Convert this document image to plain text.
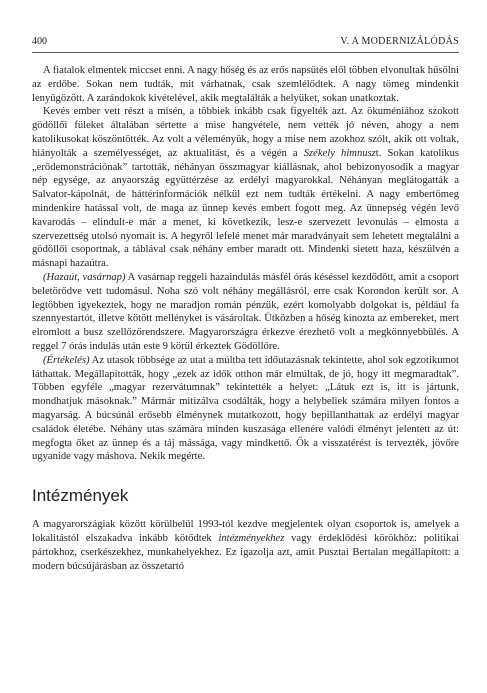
400	V. A MODERNIZÁLÓDÁS

A fiatalok elmentek miccset enni. A nagy hőség és az erős napsütés elől többen elvonultak hűsölni az erdőbe. Sokan nem tudták, mit várhatnak, csak szemlélődtek. A nagy tömeg mindenkit lenyűgözött. A zarándokok kivételével, akik megtalálták a helyüket, sokan unatkoztak.

Kevés ember vett részt a misén, a többiek inkább csak figyelték azt. Az ökuméniához szokott gödöllői füleket általában sértette a mise hangvétele, nem vették jó néven, ahogy a nem katolikusokat köszöntötték. Az volt a véleményük, hogy a mise nem azokhoz szólt, akik ott voltak, hiányolták a személyességet, az aktualitást, és a végén a Székely himnuszt. Sokan katolikus „erődemonstrációnak” tartották, néhányan összmagyar kiállásnak, ahol bebizonyosodik a magyar nép egysége, az anyaország együttérzése az erdélyi magyarokkal. Néhányan meglátogatták a Salvator-kápolnát, de háttérinformációk nélkül ezt nem tudták értékelni. A nagy embertömeg mindenkire hatással volt, de maga az ünnep kevés embert fogott meg. Az ünnepség végén levő kavarodás – elindult-e már a menet, ki következik, lesz-e szervezett levonulás – elmosta a szervezettség utolsó nyomait is. A hegyről lefelé menet már maradványait sem lehetett megtalálni a gödöllői csoportnak, a táblával csak néhány ember maradt ott. Mindenki sietett haza, készülvén a másnapi hazaútra.

(Hazaút, vasárnap) A vasárnap reggeli hazaindulás másfél órás késéssel kezdődött, amit a csoport beletörődve vett tudomásul. Noha szó volt néhány megállásról, erre csak Korondon került sor. A legtöbben igyekeztek, hogy ne maradjon román pénzük, ezért komolyabb dolgokat is, például fa szennyestartót, illetve kötött mellényket is vásároltak. Ütközben a hőség kínozta az embereket, mert elromlott a busz szellőzőrendszere. Magyarországra érkezve érezhető volt a megkönnyebbülés. A reggel 7 órás indulás után este 9 körül érkeztek Gödöllőre.

(Értékelés) Az utasok többsége az utat a múltba tett időutazásnak tekintette, ahol sok egzotikumot láthattak. Megállapították, hogy „ezek az idők otthon már elmúltak, de jó, hogy itt megmaradtak”. Többen egyféle „magyar rezervátumnak” tekintették a helyet: „Látuk ezt is, itt is jártunk, mondhatjuk másoknak.” Mármár mitizálva csodálták, hogy a helybeliek számára milyen fontos a magyarság. A búcsúnál erősebb élménynek mutatkozott, hogy bepillanthattak az erdélyi magyar családok életébe. Néhány utas számára minden kuszasága ellenére valódi élményt jelentett az út: megfogta őket az ünnep és a táj mássága, vagy mindkettő. Ők a visszatérést is tervezték, jövőre ugyanide vagy máshova. Nekik megérte.

Intézmények

A magyarországiak között körülbelül 1993-tól kezdve megjelentek olyan csoportok is, amelyek a lokalitástól elszakadva inkább kötődtek intézményekhez vagy érdeklődési körökhöz: politikai pártokhoz, cserkészekhez, munkahelyekhez. Ez igazolja azt, amit Pusztai Bertalan megállapított: a modern búcsújárásban az összetartó
